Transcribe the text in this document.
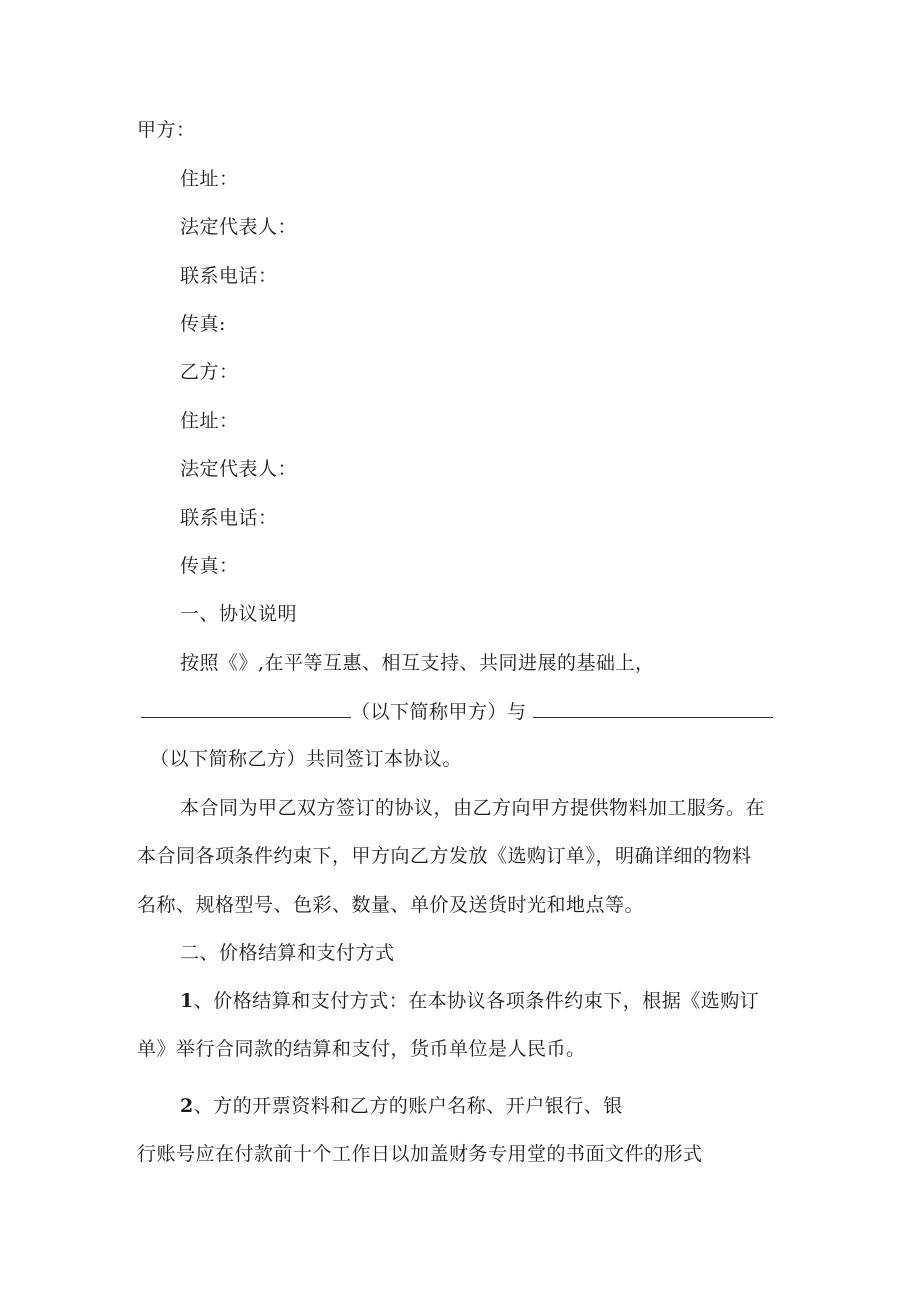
甲方：

住址：

法定代表人：

联系电话：

传真:

乙方：

住址：

法定代表人：

联系电话：

传真：

一、协议说明

按照《》,在平等互惠、相互支持、共同进展的基础上，

（以下简称甲方）与

（以下简称乙方）共同签订本协议。

本合同为甲乙双方签订的协议，由乙方向甲方提供物料加工服务。在

本合同各项条件约束下，甲方向乙方发放《选购订单》，明确详细的物料

名称、规格型号、色彩、数量、单价及送货时光和地点等。

二、价格结算和支付方式

1、价格结算和支付方式：在本协议各项条件约束下，根据《选购订

单》举行合同款的结算和支付，货币单位是人民币。

2、方的开票资料和乙方的账户名称、开户银行、银

行账号应在付款前十个工作日以加盖财务专用堂的书面文件的形式
